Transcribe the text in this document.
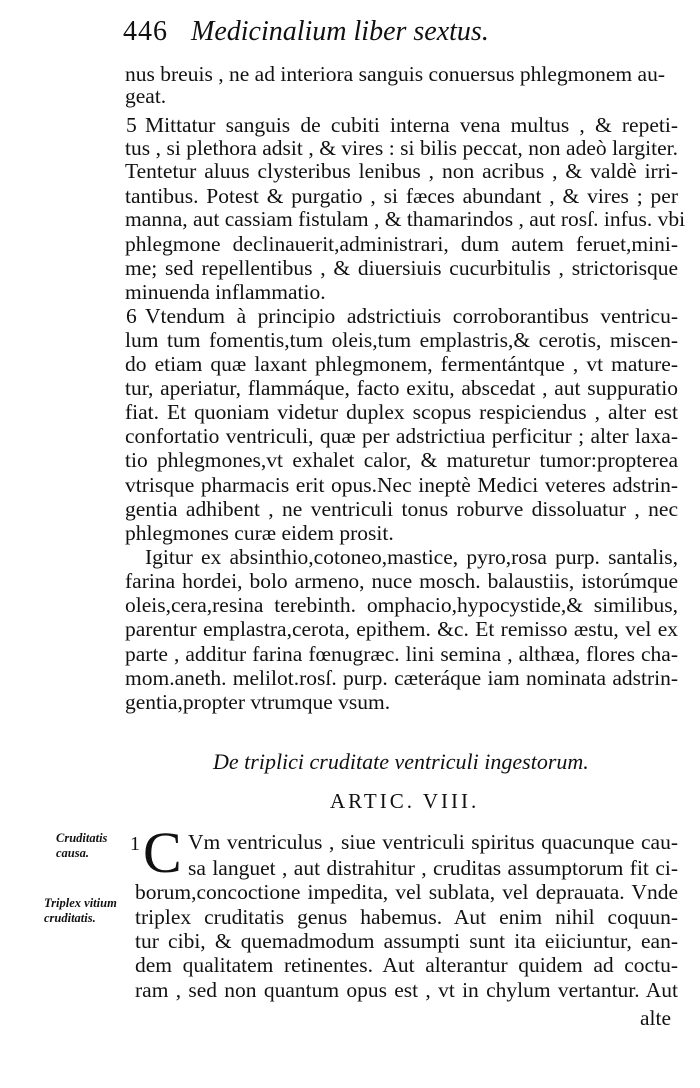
446 Medicinalium liber sextus.
nus breuis , ne ad interiora sanguis conuersus phlegmonem au-
geat.
5 Mittatur sanguis de cubiti interna vena multus , & repeti-
tus , si plethora adsit , & vires : si bilis peccat, non adeò largiter.
Tentetur aluus clysteribus lenibus , non acribus , & valdè irri-
tantibus. Potest & purgatio , si fæces abundant , & vires ; per
manna, aut cassiam fistulam , & thamarindos , aut rosſ. infus. vbi
phlegmone declinauerit,administrari, dum autem feruet,mini-
me; sed repellentibus , & diuersiuis cucurbitulis , strictorisque
minuenda inflammatio.
6 Vtendum à principio adstrictiuis corroborantibus ventricu-
lum tum fomentis,tum oleis,tum emplastris,& cerotis, miscen-
do etiam quæ laxant phlegmonem, fermentántque , vt mature-
tur, aperiatur, flammáque, facto exitu, abscedat , aut suppuratio
fiat. Et quoniam videtur duplex scopus respiciendus , alter est
confortatio ventriculi, quæ per adstrictiua perficitur ; alter laxa-
tio phlegmones,vt exhalet calor, & maturetur tumor:propterea
vtrisque pharmacis erit opus.Nec ineptè Medici veteres adstrin-
gentia adhibent , ne ventriculi tonus roburve dissoluatur , nec
phlegmones curæ eidem prosit.
Igitur ex absinthio,cotoneo,mastice, pyro,rosa purp. santalis,
farina hordei, bolo armeno, nuce mosch. balaustiis, istorúmque
oleis,cera,resina terebinth. omphacio,hypocystide,& similibus,
parentur emplastra,cerota, epithem. &c. Et remisso æstu, vel ex
parte , additur farina fœnugræc. lini semina , althæa, flores cha-
mom.aneth. melilot.rosſ. purp. cæteráque iam nominata adstrin-
gentia,propter vtrumque vsum.
De triplici cruditate ventriculi ingestorum.
ARTIC. VIII.
Cruditatis causa.
Triplex vitium cruditatis.
1 C Vm ventriculus , siue ventriculi spiritus quacunque cau-
sa languet , aut distrahitur , cruditas assumptorum fit ci-
borum,concoctione impedita, vel sublata, vel deprauata. Vnde
triplex cruditatis genus habemus. Aut enim nihil coquun-
tur cibi, & quemadmodum assumpti sunt ita eiiciuntur, ean-
dem qualitatem retinentes. Aut alterantur quidem ad coctu-
ram , sed non quantum opus est , vt in chylum vertantur. Aut
alte
